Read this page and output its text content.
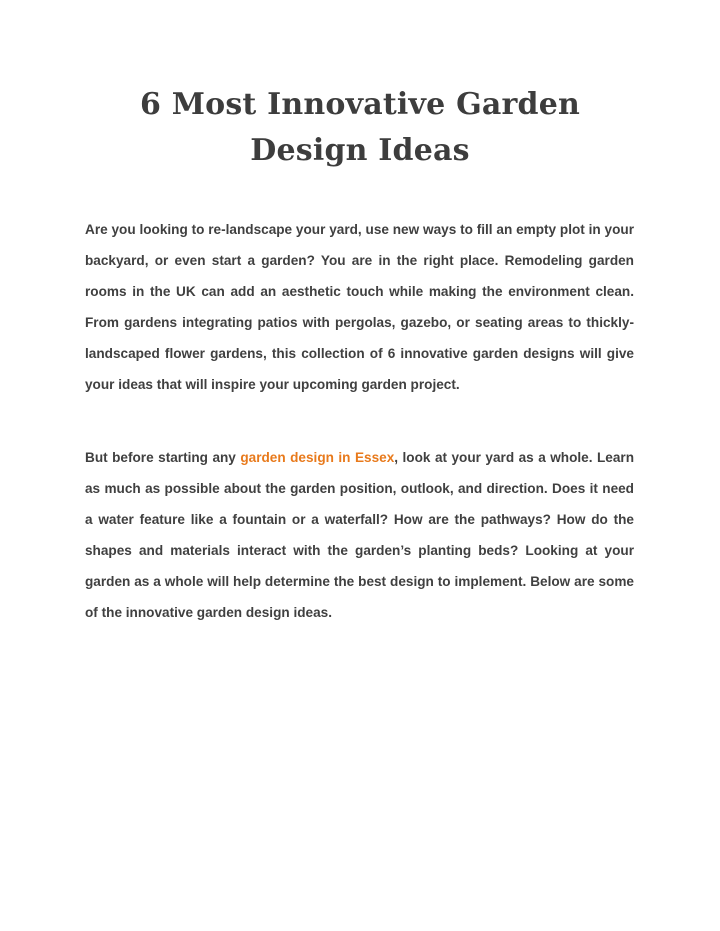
6 Most Innovative Garden
Design Ideas

Are you looking to re-landscape your yard, use new ways to fill an empty plot in your backyard, or even start a garden? You are in the right place. Remodeling garden rooms in the UK can add an aesthetic touch while making the environment clean. From gardens integrating patios with pergolas, gazebo, or seating areas to thickly-landscaped flower gardens, this collection of 6 innovative garden designs will give your ideas that will inspire your upcoming garden project.

But before starting any garden design in Essex, look at your yard as a whole. Learn as much as possible about the garden position, outlook, and direction. Does it need a water feature like a fountain or a waterfall? How are the pathways? How do the shapes and materials interact with the garden’s planting beds? Looking at your garden as a whole will help determine the best design to implement. Below are some of the innovative garden design ideas.
